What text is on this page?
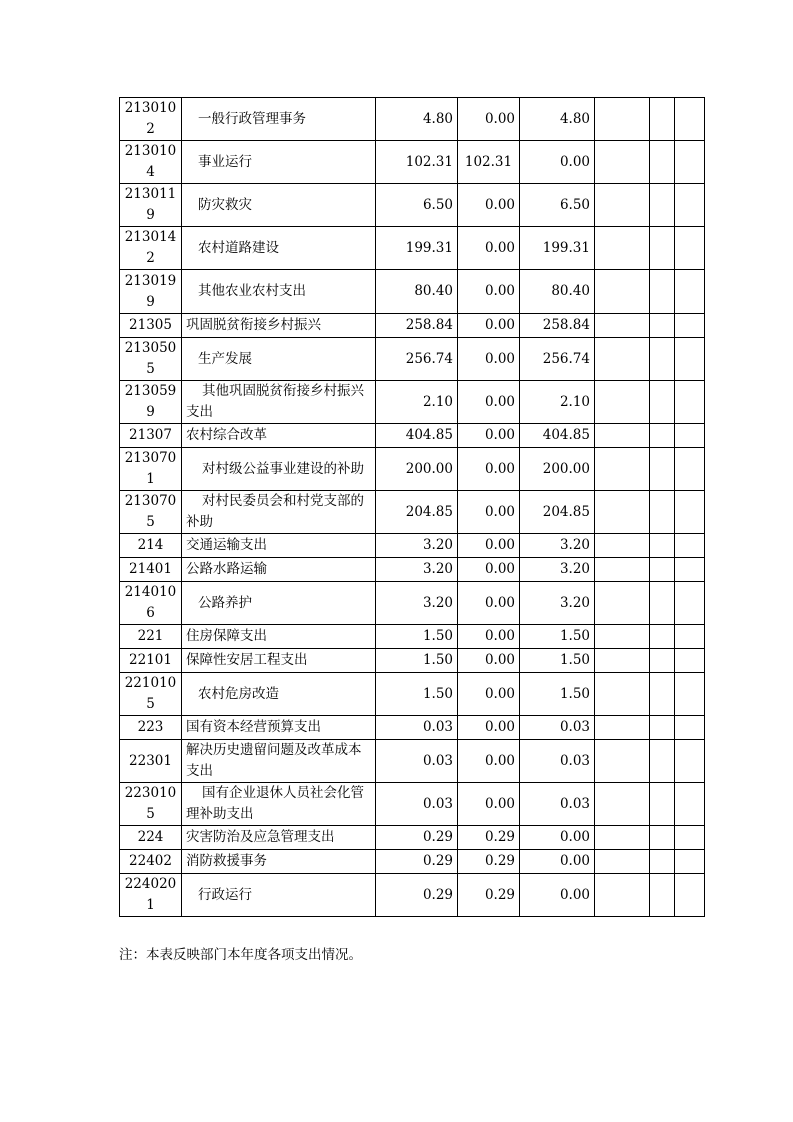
2130102	一般行政管理事务	4.80	0.00	4.80			
2130104	事业运行	102.31	102.31	0.00			
2130119	防灾救灾	6.50	0.00	6.50			
2130142	农村道路建设	199.31	0.00	199.31			
2130199	其他农业农村支出	80.40	0.00	80.40			
21305	巩固脱贫衔接乡村振兴	258.84	0.00	258.84			
2130505	生产发展	256.74	0.00	256.74			
2130599	其他巩固脱贫衔接乡村振兴支出	2.10	0.00	2.10			
21307	农村综合改革	404.85	0.00	404.85			
2130701	对村级公益事业建设的补助	200.00	0.00	200.00			
2130705	对村民委员会和村党支部的补助	204.85	0.00	204.85			
214	交通运输支出	3.20	0.00	3.20			
21401	公路水路运输	3.20	0.00	3.20			
2140106	公路养护	3.20	0.00	3.20			
221	住房保障支出	1.50	0.00	1.50			
22101	保障性安居工程支出	1.50	0.00	1.50			
2210105	农村危房改造	1.50	0.00	1.50			
223	国有资本经营预算支出	0.03	0.00	0.03			
22301	解决历史遗留问题及改革成本支出	0.03	0.00	0.03			
2230105	国有企业退休人员社会化管理补助支出	0.03	0.00	0.03			
224	灾害防治及应急管理支出	0.29	0.29	0.00			
22402	消防救援事务	0.29	0.29	0.00			
2240201	行政运行	0.29	0.29	0.00			
注：本表反映部门本年度各项支出情况。
